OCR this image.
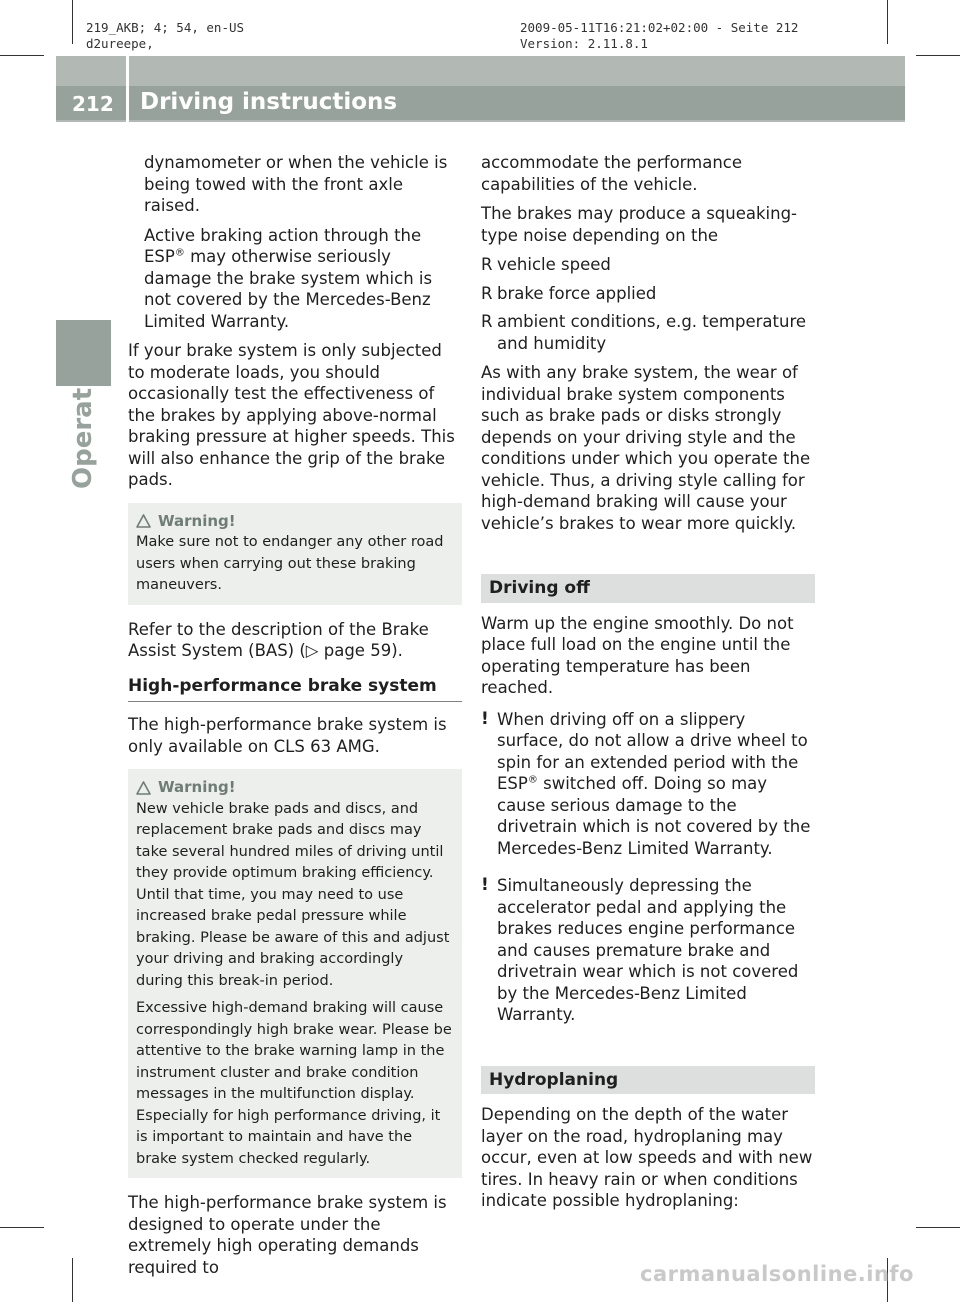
219_AKB; 4; 54, en-US
d2ureepe,
2009-05-11T16:21:02+02:00 - Seite 212
Version: 2.11.8.1
212 Driving instructions
Operation

dynamometer or when the vehicle is being towed with the front axle raised.

Active braking action through the ESP® may otherwise seriously damage the brake system which is not covered by the Mercedes-Benz Limited Warranty.

If your brake system is only subjected to moderate loads, you should occasionally test the effectiveness of the brakes by applying above-normal braking pressure at higher speeds. This will also enhance the grip of the brake pads.

Warning!

Make sure not to endanger any other road users when carrying out these braking maneuvers.

Refer to the description of the Brake Assist System (BAS) (▷ page 59).

High-performance brake system

The high-performance brake system is only available on CLS 63 AMG.

Warning!

New vehicle brake pads and discs, and replacement brake pads and discs may take several hundred miles of driving until they provide optimum braking efficiency. Until that time, you may need to use increased brake pedal pressure while braking. Please be aware of this and adjust your driving and braking accordingly during this break-in period.

Excessive high-demand braking will cause correspondingly high brake wear. Please be attentive to the brake warning lamp in the instrument cluster and brake condition messages in the multifunction display. Especially for high performance driving, it is important to maintain and have the brake system checked regularly.

The high-performance brake system is designed to operate under the extremely high operating demands required to

accommodate the performance capabilities of the vehicle.

The brakes may produce a squeaking-type noise depending on the

R vehicle speed
R brake force applied
R ambient conditions, e.g. temperature and humidity

As with any brake system, the wear of individual brake system components such as brake pads or disks strongly depends on your driving style and the conditions under which you operate the vehicle. Thus, a driving style calling for high-demand braking will cause your vehicle’s brakes to wear more quickly.

Driving off

Warm up the engine smoothly. Do not place full load on the engine until the operating temperature has been reached.

! When driving off on a slippery surface, do not allow a drive wheel to spin for an extended period with the ESP® switched off. Doing so may cause serious damage to the drivetrain which is not covered by the Mercedes-Benz Limited Warranty.
! Simultaneously depressing the accelerator pedal and applying the brakes reduces engine performance and causes premature brake and drivetrain wear which is not covered by the Mercedes-Benz Limited Warranty.
Hydroplaning

Depending on the depth of the water layer on the road, hydroplaning may occur, even at low speeds and with new tires. In heavy rain or when conditions indicate possible hydroplaning:

carmanualsonline.info
